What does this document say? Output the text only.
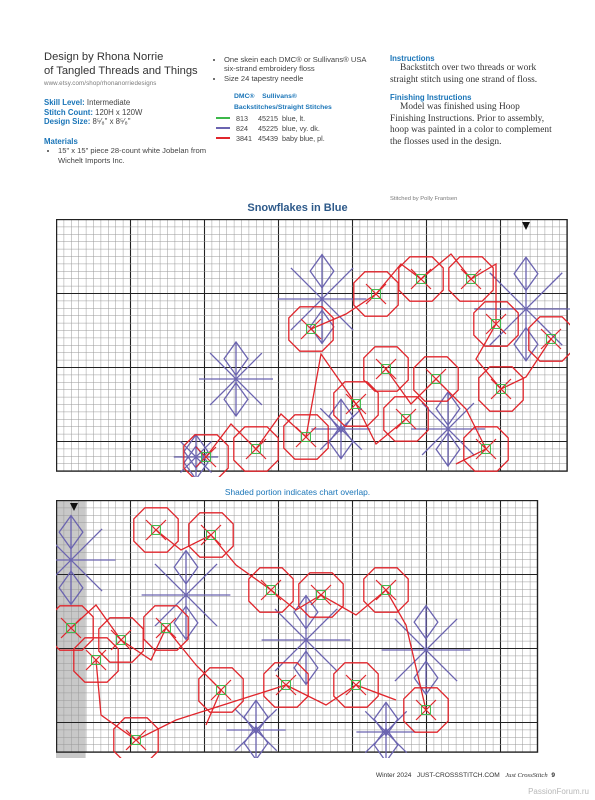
Design by Rhona Norrie
of Tangled Threads and Things
www.etsy.com/shop/rhonanorriedesigns
Skill Level: Intermediate
Stitch Count: 120H x 120W
Design Size: 8⁵⁄₈" x 8⁵⁄₈"
Materials
• 15" x 15" piece 28-count white Jobelan from Wichelt Imports Inc.
• One skein each DMC® or Sullivans® USA six-strand embroidery floss
• Size 24 tapestry needle
DMC® Sullivans®
Backstitches/Straight Stitches
813	45215 blue, lt.
824	45225 blue, vy. dk.
3841 45439 baby blue, pl.
Instructions

Backstitch over two threads or work straight stitch using one strand of floss.

Finishing Instructions

Model was finished using Hoop Finishing Instructions. Prior to assembly, hoop was painted in a color to complement the flosses used in the design.

Stitched by Polly Frantsen
Snowflakes in Blue
Shaded portion indicates chart overlap.
Winter 2024 JUST-CROSSSTITCH.COM Just CrossStitch 9
PassionForum.ru
